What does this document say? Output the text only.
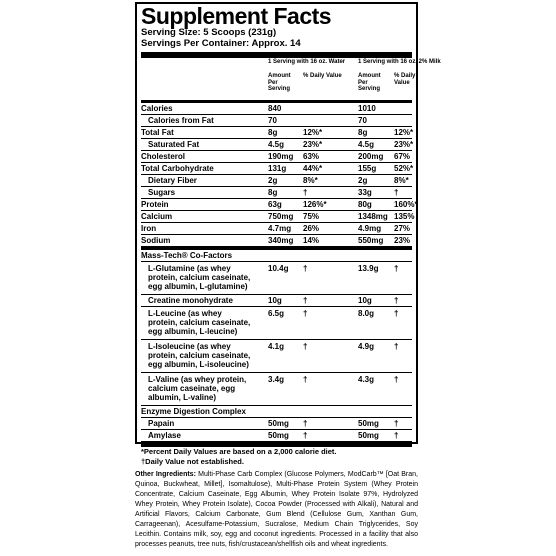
Supplement Facts
Serving Size: 5 Scoops (231g)
Servings Per Container: Approx. 14
1 Serving with 16 oz. Water	1 Serving with 16 oz. 2% Milk
Amount Per Serving
% Daily Value	Amount Per Serving
% Daily Value
Calories	840	1010
Calories from Fat	70	70
Total Fat	8g	12%*	8g	12%*
Saturated Fat	4.5g 23%*	4.5g 23%*
Cholesterol	190mg 63%	200mg 67%
Total Carbohydrate	131g 44%*	155g 52%*
Dietary Fiber	2g	8%*	2g	8%*
Sugars	8g	†	33g	†
Protein	63g	126%*	80g	160%*
Calcium	750mg 75%	1348mg 135%
Iron	4.7mg 26%	4.9mg 27%
Sodium	340mg 14%	550mg 23%
Mass-Tech® Co-Factors
L-Glutamine (as whey protein, calcium caseinate, egg albumin, L-glutamine)
10.4g †	13.9g †
Creatine monohydrate	10g	†	10g	†
L-Leucine (as whey protein, calcium caseinate, egg albumin, L-leucine)
6.5g †	8.0g †
L-Isoleucine (as whey protein, calcium caseinate, egg albumin, L-isoleucine)
4.1g †	4.9g †
L-Valine (as whey protein, calcium caseinate, egg albumin, L-valine)
3.4g †	4.3g †
Enzyme Digestion Complex
Papain	50mg †	50mg †
Amylase	50mg †	50mg †
*Percent Daily Values are based on a 2,000 calorie diet.
†Daily Value not established.
Other Ingredients: Multi-Phase Carb Complex (Glucose Polymers, ModCarb™ [Oat Bran, Quinoa, Buckwheat, Millet], Isomaltulose), Multi-Phase Protein System (Whey Protein Concentrate, Calcium Caseinate, Egg Albumin, Whey Protein Isolate 97%, Hydrolyzed Whey Protein, Whey Protein Isolate), Cocoa Powder (Processed with Alkali), Natural and Artificial Flavors, Calcium Carbonate, Gum Blend (Cellulose Gum, Xanthan Gum, Carrageenan), Acesulfame-Potassium, Sucralose, Medium Chain Triglycerides, Soy Lecithin. Contains milk, soy, egg and coconut ingredients. Processed in a facility that also processes peanuts, tree nuts, fish/crustacean/shellfish oils and wheat ingredients.
